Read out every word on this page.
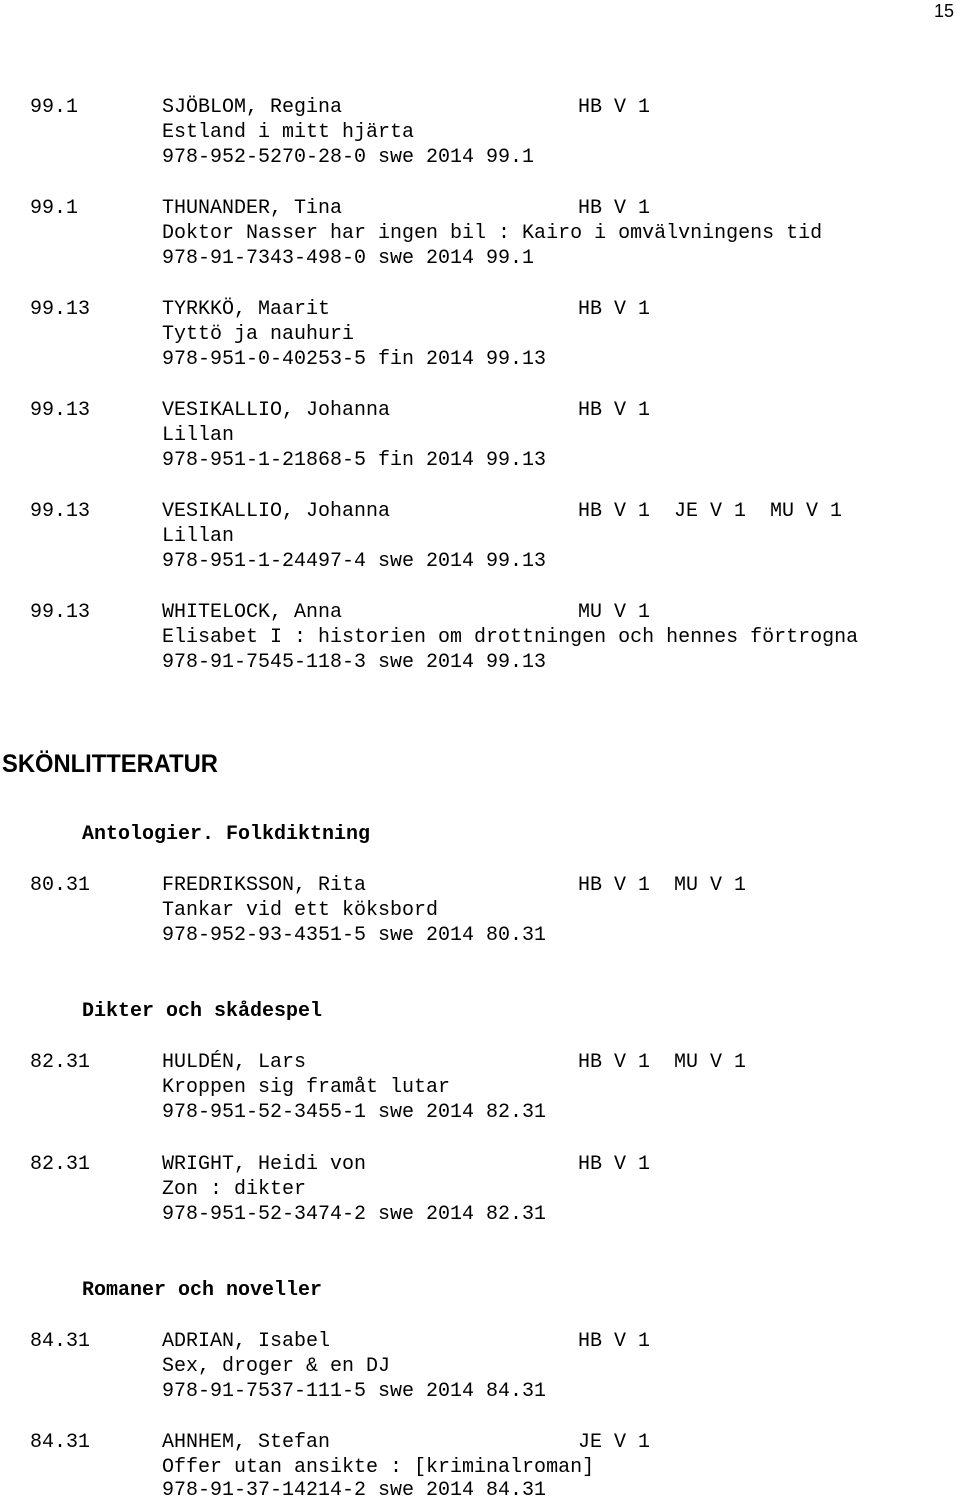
15
99.1	SJÖBLOM, Regina	HB V 1
Estland i mitt hjärta
978-952-5270-28-0 swe 2014 99.1
99.1	THUNANDER, Tina	HB V 1
Doktor Nasser har ingen bil : Kairo i omvälvningens tid
978-91-7343-498-0 swe 2014 99.1
99.13	TYRKKÖ, Maarit	HB V 1
Tyttö ja nauhuri
978-951-0-40253-5 fin 2014 99.13
99.13	VESIKALLIO, Johanna	HB V 1
Lillan
978-951-1-21868-5 fin 2014 99.13
99.13	VESIKALLIO, Johanna	HB V 1  JE V 1  MU V 1
Lillan
978-951-1-24497-4 swe 2014 99.13
99.13	WHITELOCK, Anna	MU V 1
Elisabet I : historien om drottningen och hennes förtrogna
978-91-7545-118-3 swe 2014 99.13
SKÖNLITTERATUR
Antologier. Folkdiktning
80.31	FREDRIKSSON, Rita	HB V 1  MU V 1
Tankar vid ett köksbord
978-952-93-4351-5 swe 2014 80.31
Dikter och skådespel
82.31	HULDÉN, Lars	HB V 1  MU V 1
Kroppen sig framåt lutar
978-951-52-3455-1 swe 2014 82.31
82.31	WRIGHT, Heidi von	HB V 1
Zon : dikter
978-951-52-3474-2 swe 2014 82.31
Romaner och noveller
84.31	ADRIAN, Isabel	HB V 1
Sex, droger & en DJ
978-91-7537-111-5 swe 2014 84.31
84.31	AHNHEM, Stefan	JE V 1
Offer utan ansikte : [kriminalroman]
978-91-37-14214-2 swe 2014 84.31
